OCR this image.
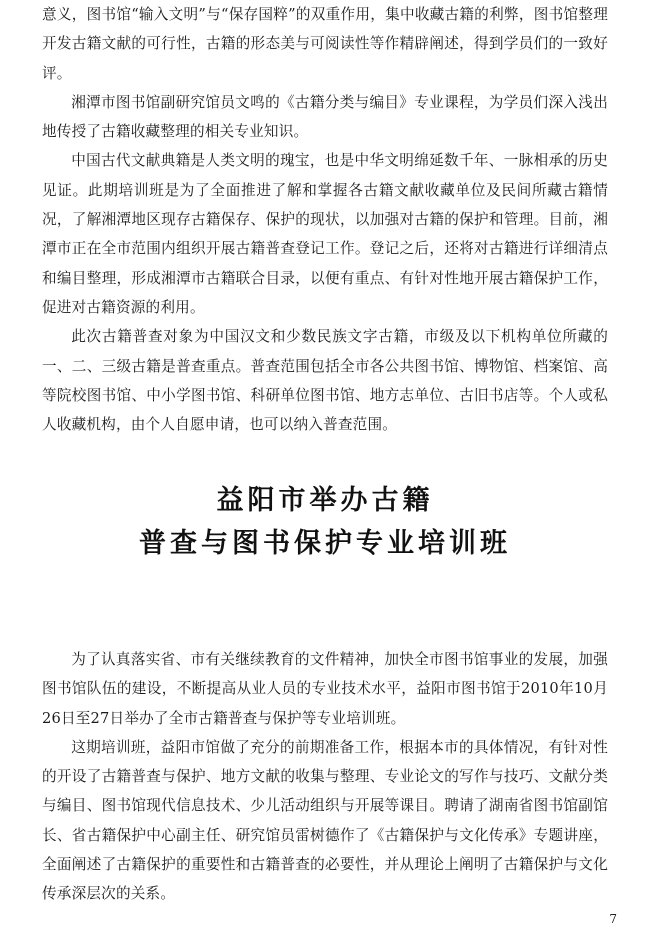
意义，图书馆“输入文明”与“保存国粹”的双重作用，集中收藏古籍的利弊，图书馆整理开发古籍文献的可行性，古籍的形态美与可阅读性等作精辟阐述，得到学员们的一致好评。

湘潭市图书馆副研究馆员文鸣的《古籍分类与编目》专业课程，为学员们深入浅出地传授了古籍收藏整理的相关专业知识。

中国古代文献典籍是人类文明的瑰宝，也是中华文明绵延数千年、一脉相承的历史见证。此期培训班是为了全面推进了解和掌握各古籍文献收藏单位及民间所藏古籍情况，了解湘潭地区现存古籍保存、保护的现状，以加强对古籍的保护和管理。目前，湘潭市正在全市范围内组织开展古籍普查登记工作。登记之后，还将对古籍进行详细清点和编目整理，形成湘潭市古籍联合目录，以便有重点、有针对性地开展古籍保护工作，促进对古籍资源的利用。

此次古籍普查对象为中国汉文和少数民族文字古籍，市级及以下机构单位所藏的一、二、三级古籍是普查重点。普查范围包括全市各公共图书馆、博物馆、档案馆、高等院校图书馆、中小学图书馆、科研单位图书馆、地方志单位、古旧书店等。个人或私人收藏机构，由个人自愿申请，也可以纳入普查范围。

益阳市举办古籍
普查与图书保护专业培训班

为了认真落实省、市有关继续教育的文件精神，加快全市图书馆事业的发展，加强图书馆队伍的建设，不断提高从业人员的专业技术水平，益阳市图书馆于2010年10月26日至27日举办了全市古籍普查与保护等专业培训班。

这期培训班，益阳市馆做了充分的前期准备工作，根据本市的具体情况，有针对性的开设了古籍普查与保护、地方文献的收集与整理、专业论文的写作与技巧、文献分类与编目、图书馆现代信息技术、少儿活动组织与开展等课目。聘请了湖南省图书馆副馆长、省古籍保护中心副主任、研究馆员雷树德作了《古籍保护与文化传承》专题讲座，全面阐述了古籍保护的重要性和古籍普查的必要性，并从理论上阐明了古籍保护与文化传承深层次的关系。

7
